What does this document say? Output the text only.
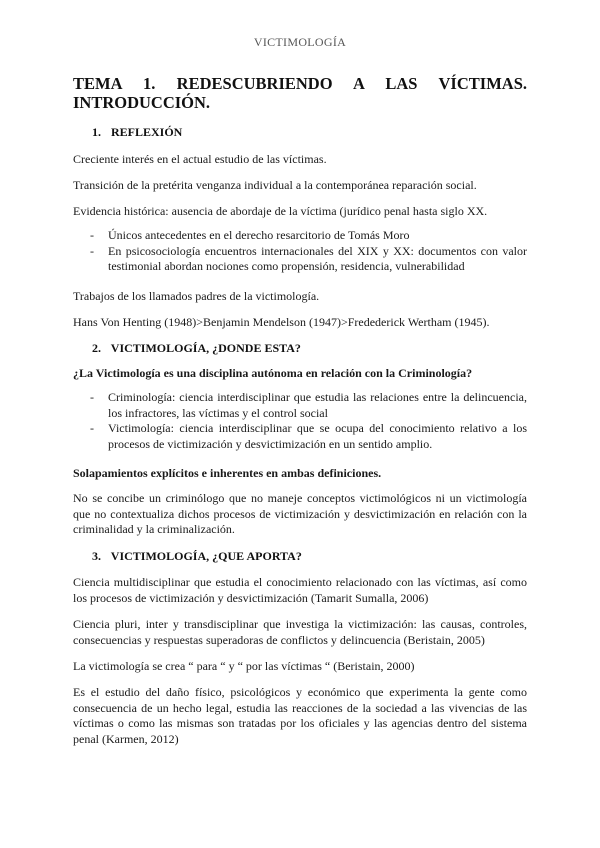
VICTIMOLOGÍA
TEMA 1. REDESCUBRIENDO A LAS VÍCTIMAS.
INTRODUCCIÓN.
1. REFLEXIÓN
Creciente interés en el actual estudio de las víctimas.
Transición de la pretérita venganza individual a la contemporánea reparación social.
Evidencia histórica: ausencia de abordaje de la víctima (jurídico penal hasta siglo XX.
- Únicos antecedentes en el derecho resarcitorio de Tomás Moro
- En psicosociología encuentros internacionales del XIX y XX: documentos con valor testimonial abordan nociones como propensión, residencia, vulnerabilidad
Trabajos de los llamados padres de la victimología.
Hans Von Henting (1948)>Benjamin Mendelson (1947)>Fredederick Wertham (1945).
2. VICTIMOLOGÍA, ¿DONDE ESTA?
¿La Victimología es una disciplina autónoma en relación con la Criminología?
- Criminología: ciencia interdisciplinar que estudia las relaciones entre la delincuencia, los infractores, las víctimas y el control social
- Victimología: ciencia interdisciplinar que se ocupa del conocimiento relativo a los procesos de victimización y desvictimización en un sentido amplio.
Solapamientos explícitos e inherentes en ambas definiciones.
No se concibe un criminólogo que no maneje conceptos victimológicos ni un victimología que no contextualiza dichos procesos de victimización y desvictimización en relación con la criminalidad y la criminalización.
3. VICTIMOLOGÍA, ¿QUE APORTA?
Ciencia multidisciplinar que estudia el conocimiento relacionado con las víctimas, así como los procesos de victimización y desvictimización (Tamarit Sumalla, 2006)
Ciencia pluri, inter y transdisciplinar que investiga la victimización: las causas, controles, consecuencias y respuestas superadoras de conflictos y delincuencia (Beristain, 2005)
La victimología se crea “ para “ y “ por las víctimas “ (Beristain, 2000)
Es el estudio del daño físico, psicológicos y económico que experimenta la gente como consecuencia de un hecho legal, estudia las reacciones de la sociedad a las vivencias de las víctimas o como las mismas son tratadas por los oficiales y las agencias dentro del sistema penal (Karmen, 2012)
